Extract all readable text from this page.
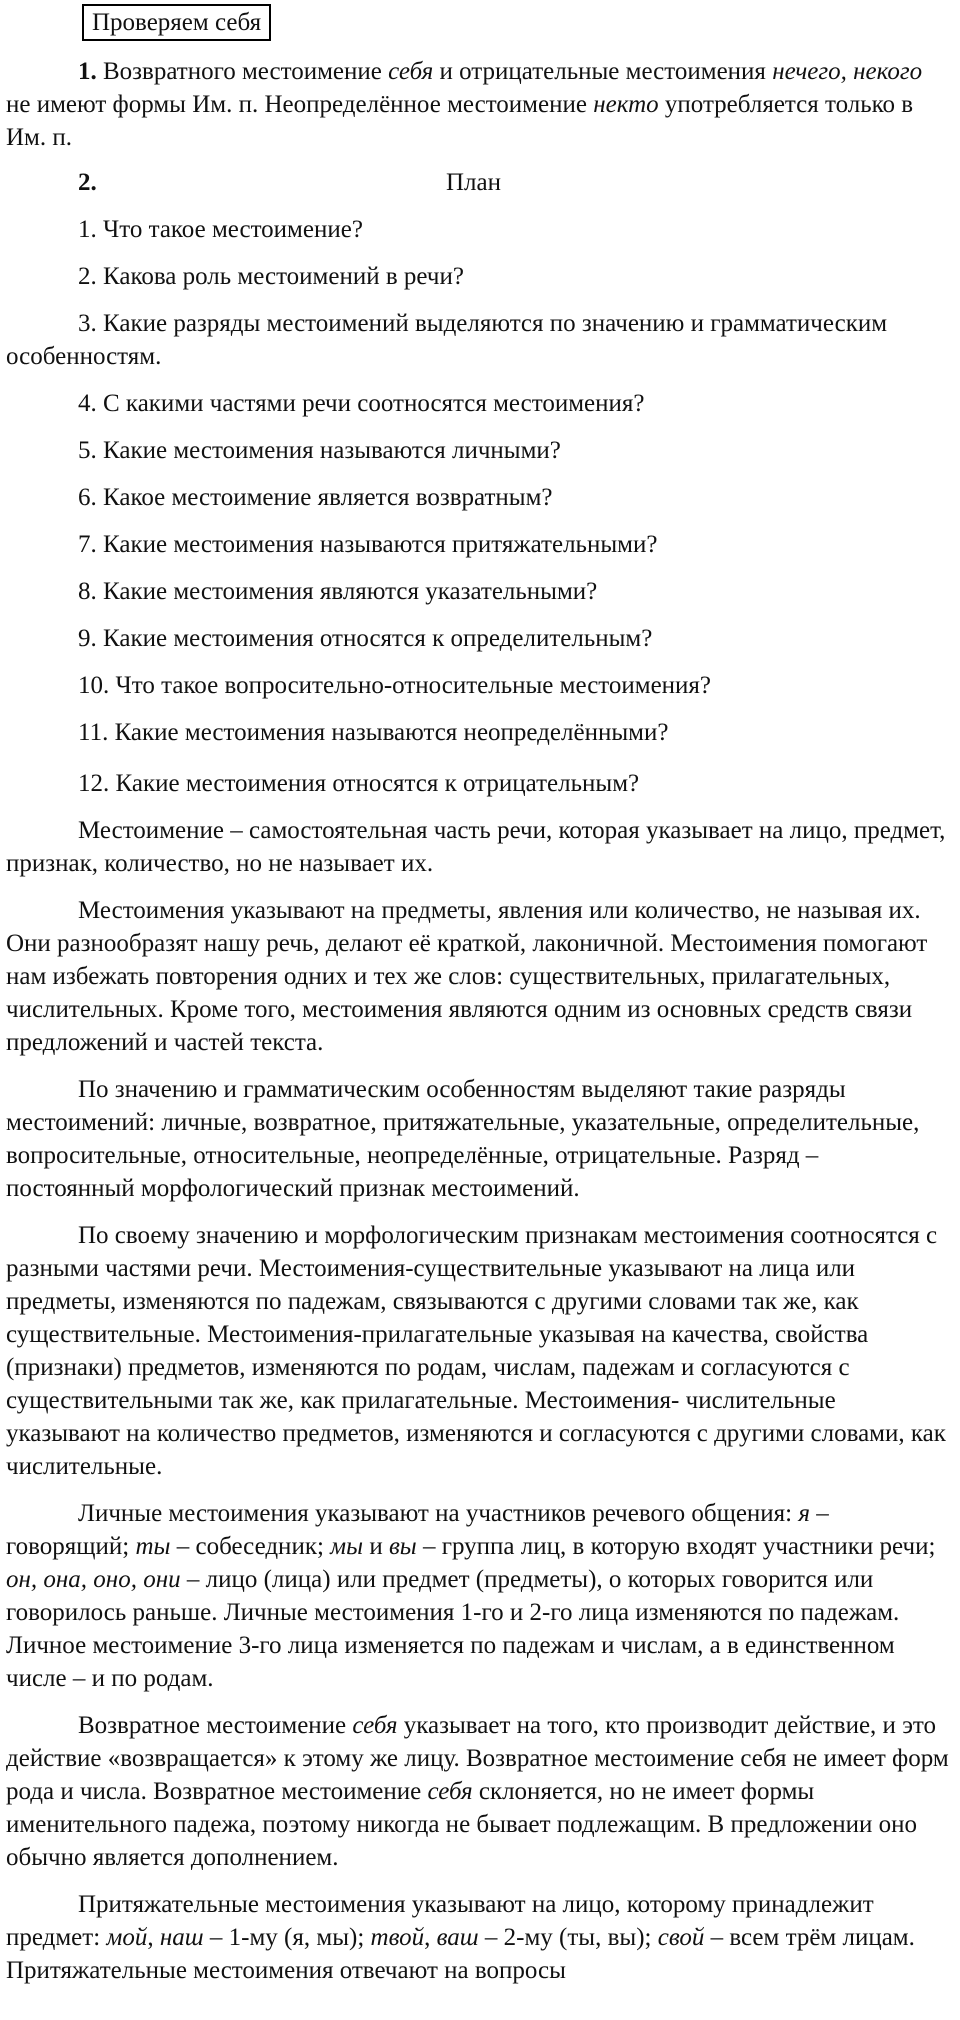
Проверяем себя

1. Возвратного местоимение себя и отрицательные местоимения нечего, некого не имеют формы Им. п. Неопределённое местоимение некто употребляется только в Им. п.

2.	План

1. Что такое местоимение?

2. Какова роль местоимений в речи?

3. Какие разряды местоимений выделяются по значению и грамматическим особенностям.

4. С какими частями речи соотносятся местоимения?

5. Какие местоимения называются личными?

6. Какое местоимение является возвратным?

7. Какие местоимения называются притяжательными?

8. Какие местоимения являются указательными?

9. Какие местоимения относятся к определительным?

10. Что такое вопросительно-относительные местоимения?

11. Какие местоимения называются неопределёнными?

12. Какие местоимения относятся к отрицательным?

Местоимение – самостоятельная часть речи, которая указывает на лицо, предмет, признак, количество, но не называет их.

Местоимения указывают на предметы, явления или количество, не называя их. Они разнообразят нашу речь, делают её краткой, лаконичной. Местоимения помогают нам избежать повторения одних и тех же слов: существительных, прилагательных, числительных. Кроме того, местоимения являются одним из основных средств связи предложений и частей текста.

По значению и грамматическим особенностям выделяют такие разряды местоимений: личные, возвратное, притяжательные, указательные, определительные, вопросительные, относительные, неопределённые, отрицательные. Разряд – постоянный морфологический признак местоимений.

По своему значению и морфологическим признакам местоимения соотносятся с разными частями речи. Местоимения-существительные указывают на лица или предметы, изменяются по падежам, связываются с другими словами так же, как существительные. Местоимения-прилагательные указывая на качества, свойства (признаки) предметов, изменяются по родам, числам, падежам и согласуются с существительными так же, как прилагательные. Местоимения- числительные указывают на количество предметов, изменяются и согласуются с другими словами, как числительные.

Личные местоимения указывают на участников речевого общения: я – говорящий; ты – собеседник; мы и вы – группа лиц, в которую входят участники речи; он, она, оно, они – лицо (лица) или предмет (предметы), о которых говорится или говорилось раньше. Личные местоимения 1-го и 2-го лица изменяются по падежам. Личное местоимение 3-го лица изменяется по падежам и числам, а в единственном числе – и по родам.

Возвратное местоимение себя указывает на того, кто производит действие, и это действие «возвращается» к этому же лицу. Возвратное местоимение себя не имеет форм рода и числа. Возвратное местоимение себя склоняется, но не имеет формы именительного падежа, поэтому никогда не бывает подлежащим. В предложении оно обычно является дополнением.

Притяжательные местоимения указывают на лицо, которому принадлежит предмет: мой, наш – 1-му (я, мы); твой, ваш – 2-му (ты, вы); свой – всем трём лицам. Притяжательные местоимения отвечают на вопросы
